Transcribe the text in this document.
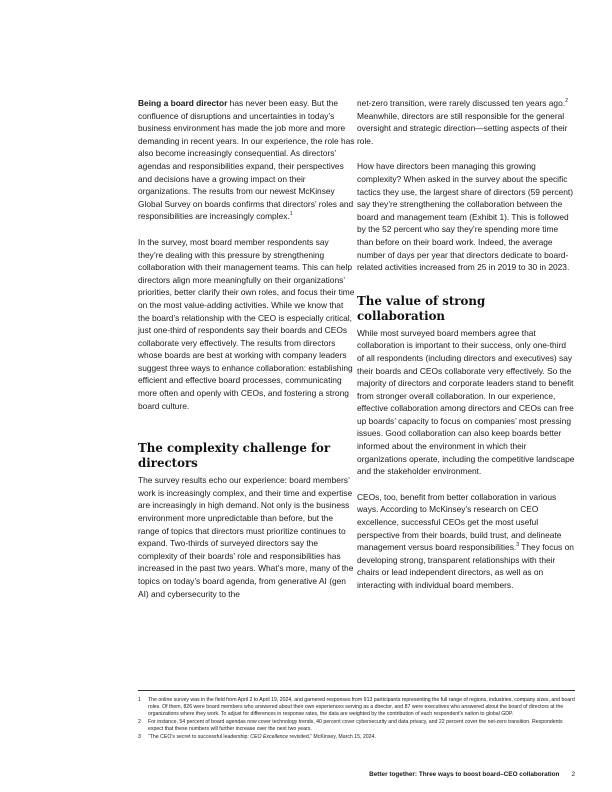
Being a board director has never been easy. But the confluence of disruptions and uncertainties in today’s business environment has made the job more and more demanding in recent years. In our experience, the role has also become increasingly consequential. As directors’ agendas and responsibilities expand, their perspectives and decisions have a growing impact on their organizations. The results from our newest McKinsey Global Survey on boards confirms that directors’ roles and responsibilities are increasingly complex.$^1$

In the survey, most board member respondents say they’re dealing with this pressure by strengthening collaboration with their management teams. This can help directors align more meaningfully on their organizations’ priorities, better clarify their own roles, and focus their time on the most value-adding activities. While we know that the board’s relationship with the CEO is especially critical, just one-third of respondents say their boards and CEOs collaborate very effectively. The results from directors whose boards are best at working with company leaders suggest three ways to enhance collaboration: establishing efficient and effective board processes, communicating more often and openly with CEOs, and fostering a strong board culture.

The complexity challenge for directors

The survey results echo our experience: board members’ work is increasingly complex, and their time and expertise are increasingly in high demand. Not only is the business environment more unpredictable than before, but the range of topics that directors must prioritize continues to expand. Two-thirds of surveyed directors say the complexity of their boards’ role and responsibilities has increased in the past two years. What’s more, many of the topics on today’s board agenda, from generative AI (gen AI) and cybersecurity to the

net-zero transition, were rarely discussed ten years ago.$^2$ Meanwhile, directors are still responsible for the general oversight and strategic direction—setting aspects of their role.

How have directors been managing this growing complexity? When asked in the survey about the specific tactics they use, the largest share of directors (59 percent) say they’re strengthening the collaboration between the board and management team (Exhibit 1). This is followed by the 52 percent who say they’re spending more time than before on their board work. Indeed, the average number of days per year that directors dedicate to board-related activities increased from 25 in 2019 to 30 in 2023.

The value of strong collaboration

While most surveyed board members agree that collaboration is important to their success, only one-third of all respondents (including directors and executives) say their boards and CEOs collaborate very effectively. So the majority of directors and corporate leaders stand to benefit from stronger overall collaboration. In our experience, effective collaboration among directors and CEOs can free up boards’ capacity to focus on companies’ most pressing issues. Good collaboration can also keep boards better informed about the environment in which their organizations operate, including the competitive landscape and the stakeholder environment.

CEOs, too, benefit from better collaboration in various ways. According to McKinsey’s research on CEO excellence, successful CEOs get the most useful perspective from their boards, build trust, and delineate management versus board responsibilities.$^3$ They focus on developing strong, transparent relationships with their chairs or lead independent directors, as well as on interacting with individual board members.

1	The online survey was in the field from April 2 to April 19, 2024, and garnered responses from 913 participants representing the full range of regions, industries, company sizes, and board roles. Of them, 826 were board members who answered about their own experiences serving as a director, and 87 were executives who answered about the board of directors at the organizations where they work. To adjust for differences in response rates, the data are weighted by the contribution of each respondent’s nation to global GDP.
2	For instance, 54 percent of board agendas now cover technology trends, 40 percent cover cybersecurity and data privacy, and 22 percent cover the net-zero transition. Respondents expect that these numbers will further increase over the next two years.
3	“The CEO’s secret to successful leadership: CEO Excellence revisited,” McKinsey, March 15, 2024.
Better together: Three ways to boost board–CEO collaboration 2
